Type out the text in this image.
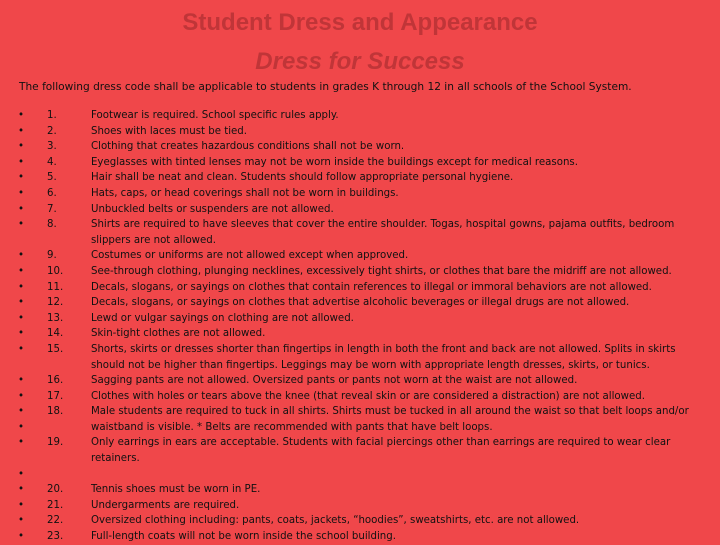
Student Dress and Appearance
Dress for Success
The following dress code shall be applicable to students in grades K through 12 in all schools of the School System.
• 1.	Footwear is required. School specific rules apply.
• 2.	Shoes with laces must be tied.
• 3.	Clothing that creates hazardous conditions shall not be worn.
• 4.	Eyeglasses with tinted lenses may not be worn inside the buildings except for medical reasons.
• 5.	Hair shall be neat and clean. Students should follow appropriate personal hygiene.
• 6.	Hats, caps, or head coverings shall not be worn in buildings.
• 7.	Unbuckled belts or suspenders are not allowed.
• 8.	Shirts are required to have sleeves that cover the entire shoulder. Togas, hospital gowns, pajama outfits, bedroom slippers are not allowed.
• 9.	Costumes or uniforms are not allowed except when approved.
• 10.	See-through clothing, plunging necklines, excessively tight shirts, or clothes that bare the midriff are not allowed.
• 11.	Decals, slogans, or sayings on clothes that contain references to illegal or immoral behaviors are not allowed.
• 12.	Decals, slogans, or sayings on clothes that advertise alcoholic beverages or illegal drugs are not allowed.
• 13.	Lewd or vulgar sayings on clothing are not allowed.
• 14.	Skin-tight clothes are not allowed.
• 15.	Shorts, skirts or dresses shorter than fingertips in length in both the front and back are not allowed. Splits in skirts should not be higher than fingertips. Leggings may be worn with appropriate length dresses, skirts, or tunics.
• 16.	Sagging pants are not allowed. Oversized pants or pants not worn at the waist are not allowed.
• 17.	Clothes with holes or tears above the knee (that reveal skin or are considered a distraction) are not allowed.
• 18.	Male students are required to tuck in all shirts. Shirts must be tucked in all around the waist so that belt loops and/or
•	waistband is visible. * Belts are recommended with pants that have belt loops.
• 19.	Only earrings in ears are acceptable. Students with facial piercings other than earrings are required to wear clear retainers.
•

• 20.	Tennis shoes must be worn in PE.
• 21.	Undergarments are required.
• 22.	Oversized clothing including: pants, coats, jackets, “hoodies”, sweatshirts, etc. are not allowed.
• 23.	Full-length coats will not be worn inside the school building.
